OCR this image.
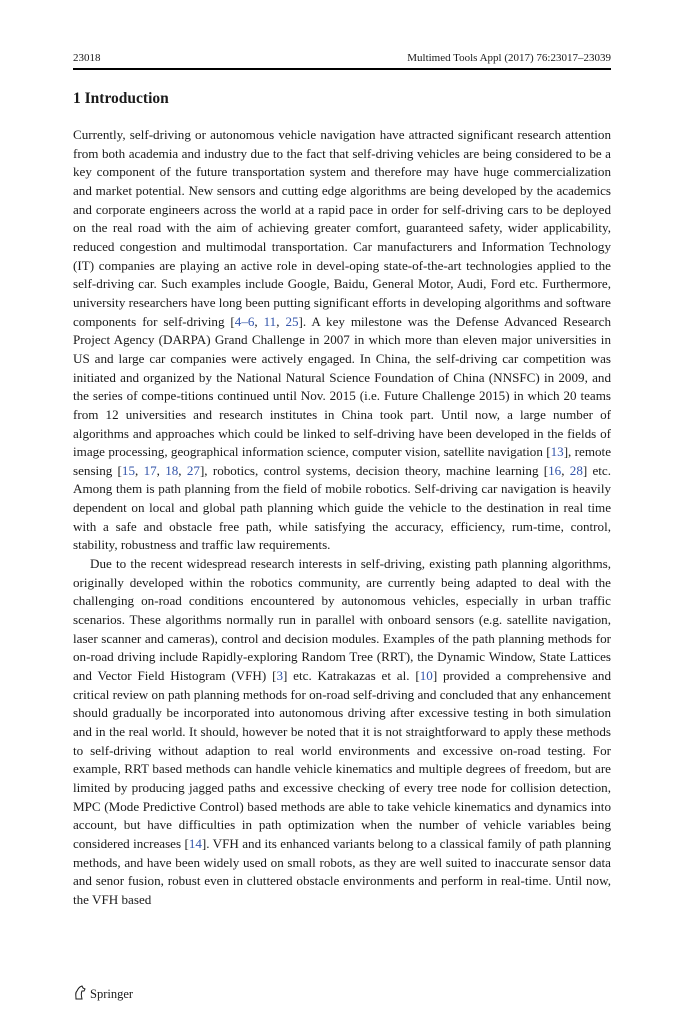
23018	Multimed Tools Appl (2017) 76:23017–23039
1 Introduction

Currently, self-driving or autonomous vehicle navigation have attracted significant research attention from both academia and industry due to the fact that self-driving vehicles are being considered to be a key component of the future transportation system and therefore may have huge commercialization and market potential. New sensors and cutting edge algorithms are being developed by the academics and corporate engineers across the world at a rapid pace in order for self-driving cars to be deployed on the real road with the aim of achieving greater comfort, guaranteed safety, wider applicability, reduced congestion and multimodal transportation. Car manufacturers and Information Technology (IT) companies are playing an active role in devel-oping state-of-the-art technologies applied to the self-driving car. Such examples include Google, Baidu, General Motor, Audi, Ford etc. Furthermore, university researchers have long been putting significant efforts in developing algorithms and software components for self-driving [4–6, 11, 25]. A key milestone was the Defense Advanced Research Project Agency (DARPA) Grand Challenge in 2007 in which more than eleven major universities in US and large car companies were actively engaged. In China, the self-driving car competition was initiated and organized by the National Natural Science Foundation of China (NNSFC) in 2009, and the series of compe-titions continued until Nov. 2015 (i.e. Future Challenge 2015) in which 20 teams from 12 universities and research institutes in China took part. Until now, a large number of algorithms and approaches which could be linked to self-driving have been developed in the fields of image processing, geographical information science, computer vision, satellite navigation [13], remote sensing [15, 17, 18, 27], robotics, control systems, decision theory, machine learning [16, 28] etc. Among them is path planning from the field of mobile robotics. Self-driving car navigation is heavily dependent on local and global path planning which guide the vehicle to the destination in real time with a safe and obstacle free path, while satisfying the accuracy, efficiency, rum-time, control, stability, robustness and traffic law requirements.

Due to the recent widespread research interests in self-driving, existing path planning algorithms, originally developed within the robotics community, are currently being adapted to deal with the challenging on-road conditions encountered by autonomous vehicles, especially in urban traffic scenarios. These algorithms normally run in parallel with onboard sensors (e.g. satellite navigation, laser scanner and cameras), control and decision modules. Examples of the path planning methods for on-road driving include Rapidly-exploring Random Tree (RRT), the Dynamic Window, State Lattices and Vector Field Histogram (VFH) [3] etc. Katrakazas et al. [10] provided a comprehensive and critical review on path planning methods for on-road self-driving and concluded that any enhancement should gradually be incorporated into autonomous driving after excessive testing in both simulation and in the real world. It should, however be noted that it is not straightforward to apply these methods to self-driving without adaption to real world environments and excessive on-road testing. For example, RRT based methods can handle vehicle kinematics and multiple degrees of freedom, but are limited by producing jagged paths and excessive checking of every tree node for collision detection, MPC (Mode Predictive Control) based methods are able to take vehicle kinematics and dynamics into account, but have difficulties in path optimization when the number of vehicle variables being considered increases [14]. VFH and its enhanced variants belong to a classical family of path planning methods, and have been widely used on small robots, as they are well suited to inaccurate sensor data and senor fusion, robust even in cluttered obstacle environments and perform in real-time. Until now, the VFH based

Springer
